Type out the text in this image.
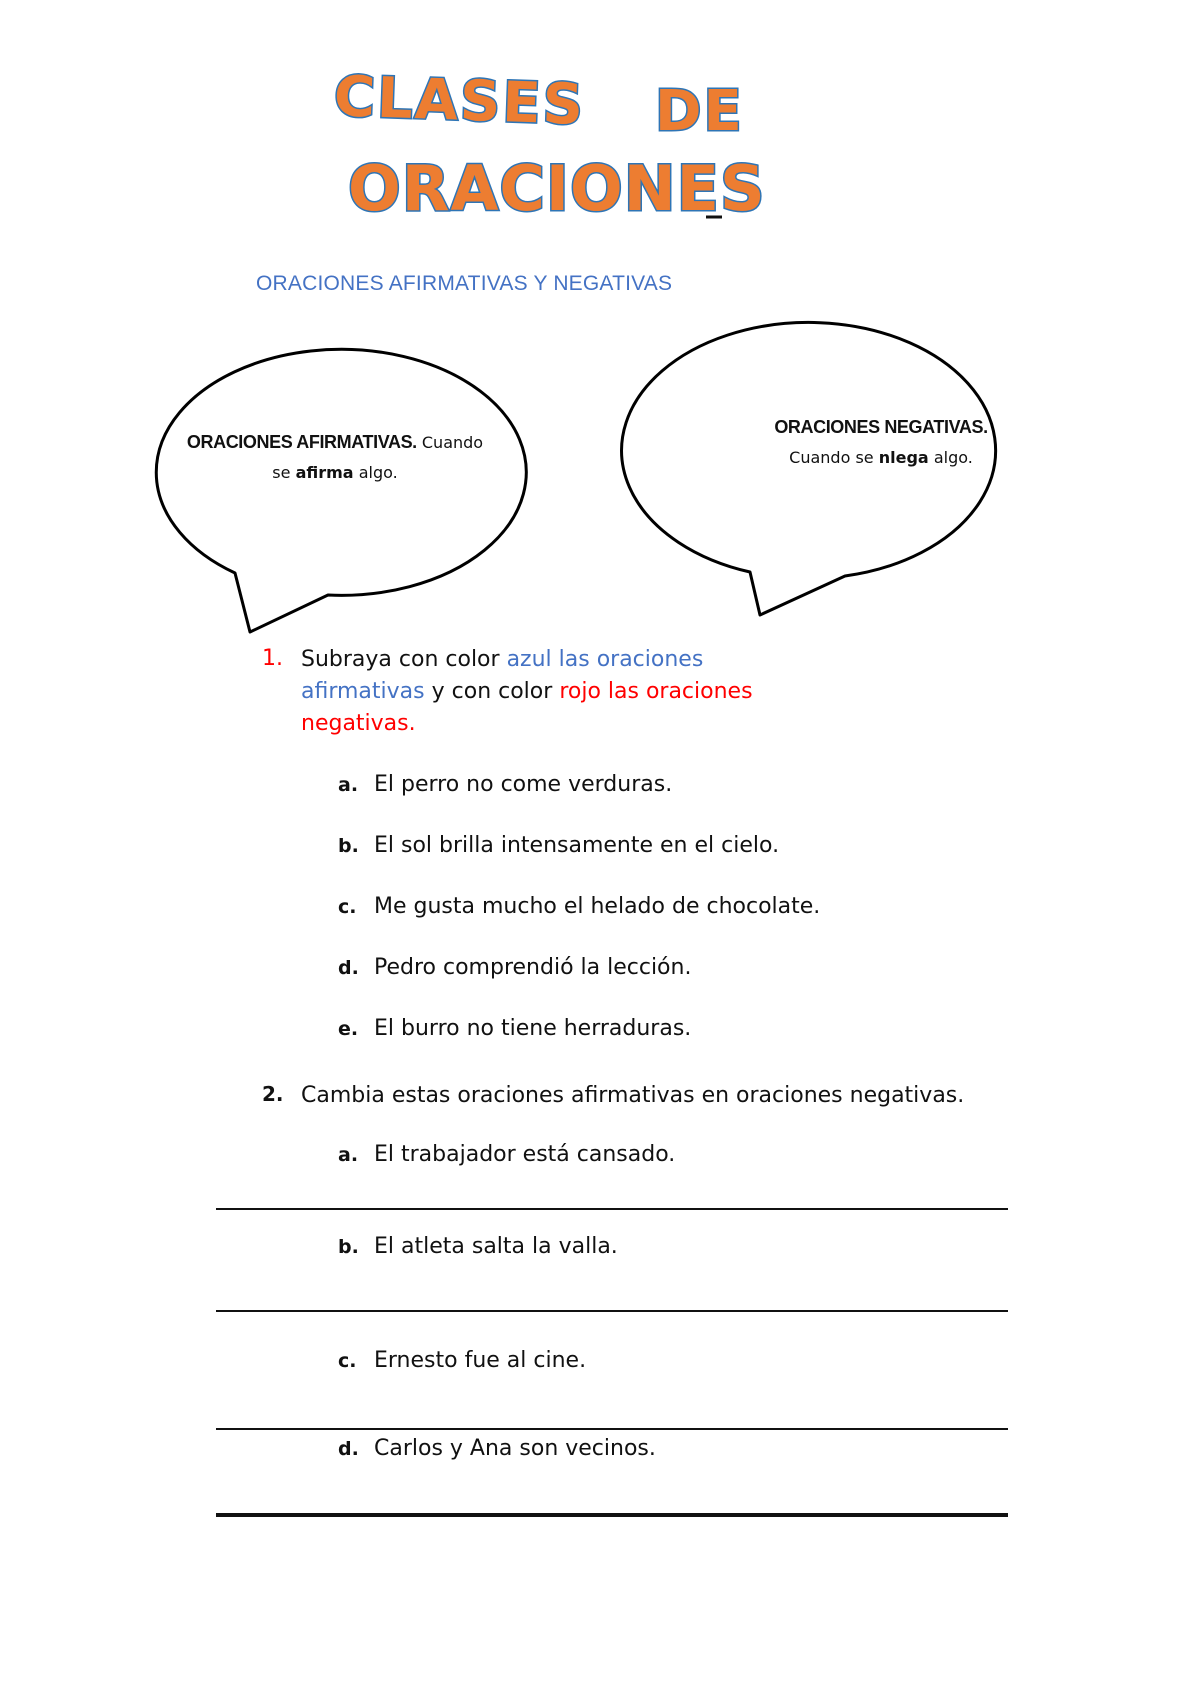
CLASES DE
ORACIONES
ORACIONES AFIRMATIVAS Y NEGATIVAS
ORACIONES AFIRMATIVAS. Cuando
se afirma algo.
ORACIONES NEGATIVAS.
Cuando se nlega algo.
1. Subraya con color azul las oraciones
afirmativas y con color rojo las oraciones
negativas.
a. El perro no come verduras.
b. El sol brilla intensamente en el cielo.
c. Me gusta mucho el helado de chocolate.
d. Pedro comprendió la lección.
e. El burro no tiene herraduras.
2. Cambia estas oraciones afirmativas en oraciones negativas.
a. El trabajador está cansado.
b. El atleta salta la valla.
c. Ernesto fue al cine.
d. Carlos y Ana son vecinos.
